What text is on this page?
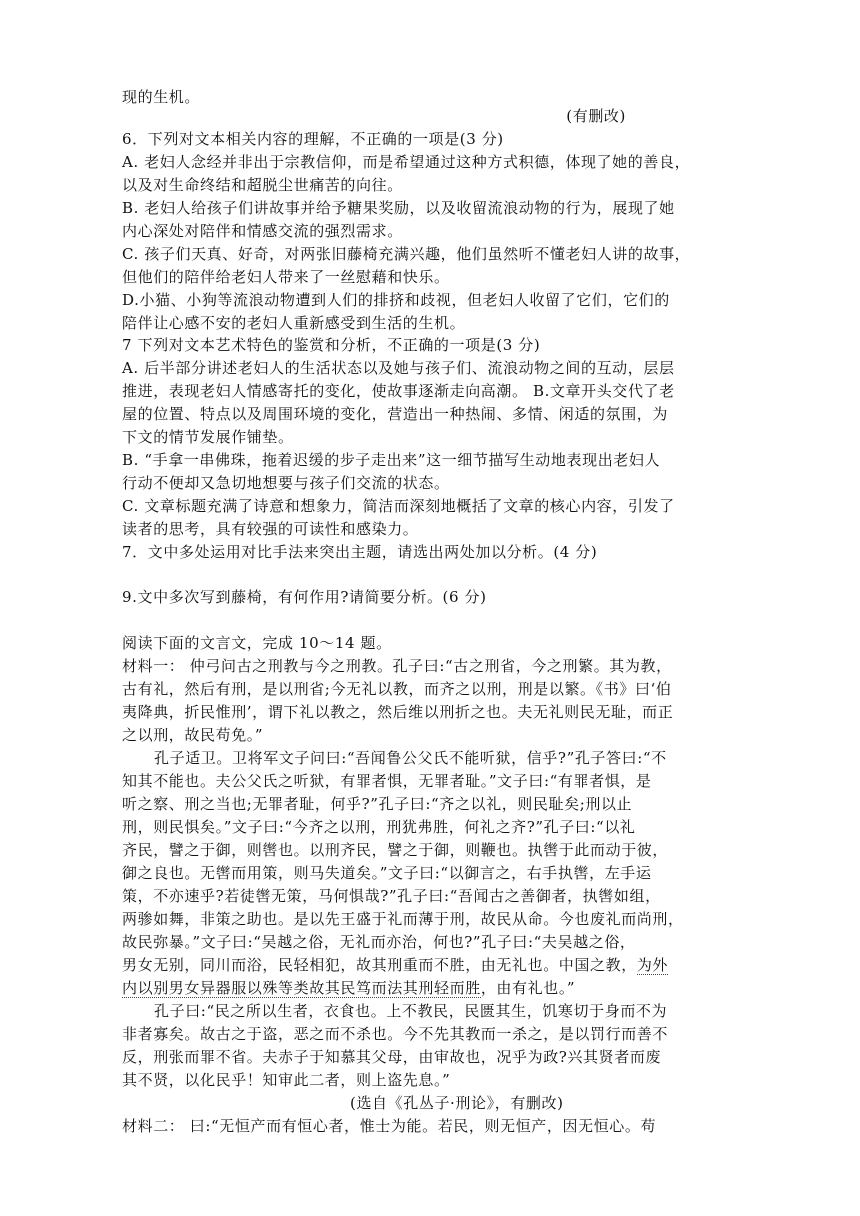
现的生机。
(有删改)
6．下列对文本相关内容的理解，不正确的一项是(3 分)
A. 老妇人念经并非出于宗教信仰，而是希望通过这种方式积德，体现了她的善良，
以及对生命终结和超脱尘世痛苦的向往。
B. 老妇人给孩子们讲故事并给予糖果奖励，以及收留流浪动物的行为，展现了她
内心深处对陪伴和情感交流的强烈需求。
C. 孩子们天真、好奇，对两张旧藤椅充满兴趣，他们虽然听不懂老妇人讲的故事，
但他们的陪伴给老妇人带来了一丝慰藉和快乐。
D.小猫、小狗等流浪动物遭到人们的排挤和歧视，但老妇人收留了它们，它们的
陪伴让心感不安的老妇人重新感受到生活的生机。
7 下列对文本艺术特色的鉴赏和分析，不正确的一项是(3 分)
A. 后半部分讲述老妇人的生活状态以及她与孩子们、流浪动物之间的互动，层层
推进，表现老妇人情感寄托的变化，使故事逐渐走向高潮。 B.文章开头交代了老
屋的位置、特点以及周围环境的变化，营造出一种热闹、多情、闲适的氛围，为
下文的情节发展作铺垫。
B. “手拿一串佛珠，拖着迟缓的步子走出来”这一细节描写生动地表现出老妇人
行动不便却又急切地想要与孩子们交流的状态。
C. 文章标题充满了诗意和想象力，简洁而深刻地概括了文章的核心内容，引发了
读者的思考，具有较强的可读性和感染力。
7．文中多处运用对比手法来突出主题，请选出两处加以分析。(4 分)
9.文中多次写到藤椅，有何作用?请简要分析。(6 分)
阅读下面的文言文，完成 10～14 题。
材料一： 仲弓问古之刑教与今之刑教。孔子曰:“古之刑省，今之刑繁。其为教，
古有礼，然后有刑，是以刑省;今无礼以教，而齐之以刑，刑是以繁。《书》曰‘伯
夷降典，折民惟刑’，谓下礼以教之，然后维以刑折之也。夫无礼则民无耻，而正
之以刑，故民苟免。”
孔子适卫。卫将军文子问曰:“吾闻鲁公父氏不能听狱，信乎?”孔子答曰:“不
知其不能也。夫公父氏之听狱，有罪者惧，无罪者耻。”文子曰:“有罪者惧，是
听之察、刑之当也;无罪者耻，何乎?”孔子曰:“齐之以礼，则民耻矣;刑以止
刑，则民惧矣。”文子曰:“今齐之以刑，刑犹弗胜，何礼之齐?”孔子曰:“以礼
齐民，譬之于御，则辔也。以刑齐民，譬之于御，则鞭也。执辔于此而动于彼，
御之良也。无辔而用策，则马失道矣。”文子曰:“以御言之，右手执辔，左手运
策，不亦速乎?若徒辔无策，马何惧哉?”孔子曰:“吾闻古之善御者，执辔如组，
两骖如舞，非策之助也。是以先王盛于礼而薄于刑，故民从命。今也废礼而尚刑，
故民弥暴。”文子曰:“吴越之俗，无礼而亦治，何也?”孔子曰:“夫吴越之俗，
男女无别，同川而浴，民轻相犯，故其刑重而不胜，由无礼也。中国之教，为外
内以别男女异器服以殊等类故其民笃而法其刑轻而胜，由有礼也。”
孔子曰:“民之所以生者，衣食也。上不教民，民匮其生，饥寒切于身而不为
非者寡矣。故古之于盗，恶之而不杀也。今不先其教而一杀之，是以罚行而善不
反，刑张而罪不省。夫赤子于知慕其父母，由审故也，况乎为政?兴其贤者而废
其不贤，以化民乎！知审此二者，则上盗先息。”
(选自《孔丛子·刑论》，有删改)
材料二： 曰:“无恒产而有恒心者，惟士为能。若民，则无恒产，因无恒心。苟
